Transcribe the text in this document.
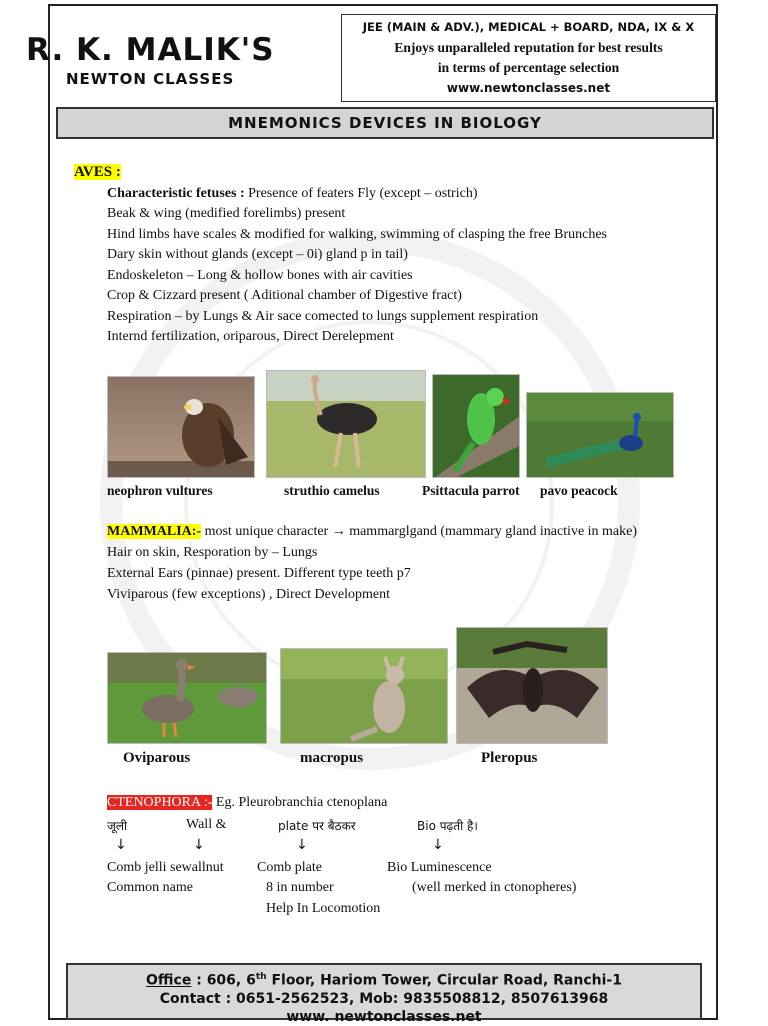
R. K. MALIK'S
NEWTON CLASSES
JEE (MAIN & ADV.), MEDICAL + BOARD, NDA, IX & X
Enjoys unparalleled reputation for best results
in terms of percentage selection
www.newtonclasses.net
MNEMONICS DEVICES IN BIOLOGY
AVES :
Characteristic fetuses : Presence of featers Fly (except – ostrich)
Beak & wing (medified forelimbs) present
Hind limbs have scales & modified for walking, swimming of clasping the free Brunches
Dary skin without glands (except – 0i) gland p in tail)
Endoskeleton – Long & hollow bones with air cavities
Crop & Cizzard present ( Aditional chamber of Digestive fract)
Respiration – by Lungs & Air sace comected to lungs supplement respiration
Internd fertilization, oriparous, Direct Derelepment
neophron vultures	struthio camelus	Psittacula parrot pavo peacock
MAMMALIA:- most unique character → mammarglgand (mammary gland inactive in make)
Hair on skin, Resporation by – Lungs
External Ears (pinnae) present. Different type teeth p7
Viviparous (few exceptions) , Direct Development
Oviparous	macropus	Pleropus
CTENOPHORA :- Eg. Pleurobranchia ctenoplana
जूली	Wall &	plate पर बैठकर	Bio पढ़ती है।
↓	↓	↓	↓
Comb jelli sewallnut Comb plate	Bio Luminescence
Common name	8 in number	(well merked in ctonopheres)
Help In Locomotion
Office : 606, 6th Floor, Hariom Tower, Circular Road, Ranchi-1
Contact : 0651-2562523, Mob: 9835508812, 8507613968
www. newtonclasses.net
